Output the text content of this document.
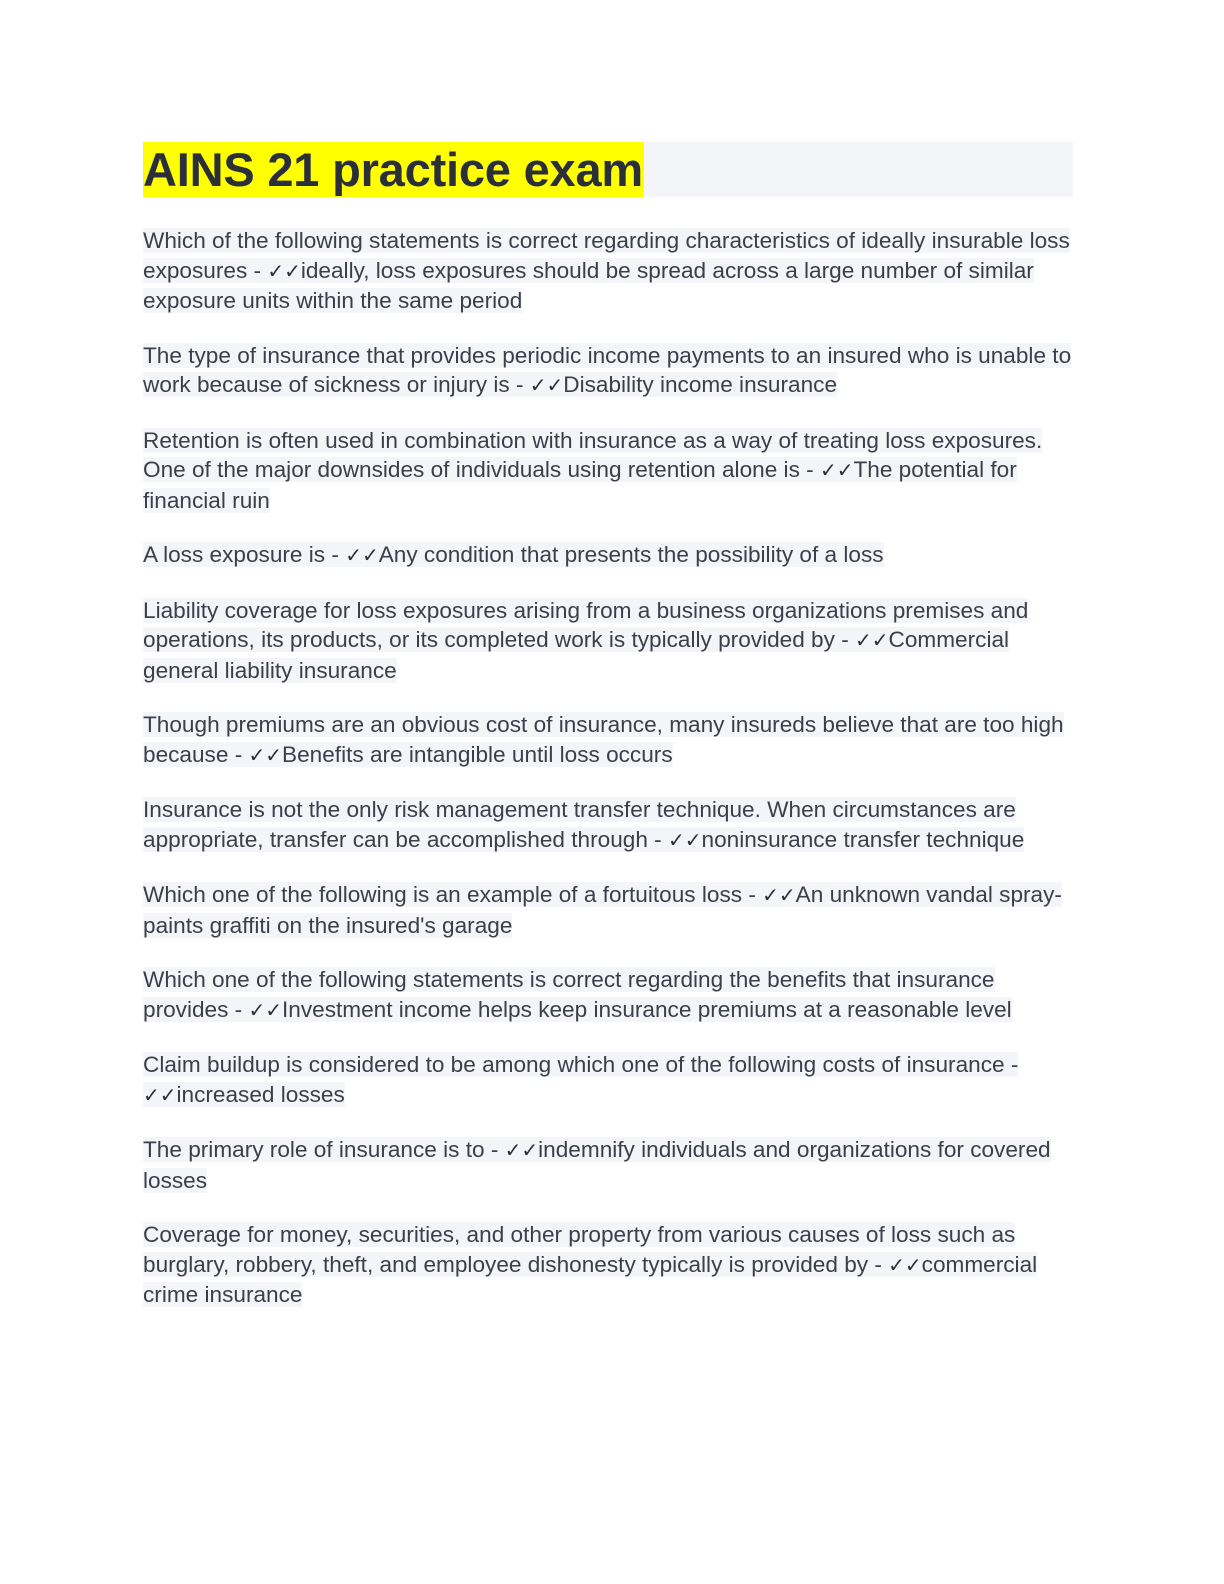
AINS 21 practice exam

Which of the following statements is correct regarding characteristics of ideally insurable loss exposures - ✓✓ideally, loss exposures should be spread across a large number of similar exposure units within the same period

The type of insurance that provides periodic income payments to an insured who is unable to work because of sickness or injury is - ✓✓Disability income insurance

Retention is often used in combination with insurance as a way of treating loss exposures. One of the major downsides of individuals using retention alone is - ✓✓The potential for financial ruin

A loss exposure is - ✓✓Any condition that presents the possibility of a loss

Liability coverage for loss exposures arising from a business organizations premises and operations, its products, or its completed work is typically provided by - ✓✓Commercial general liability insurance

Though premiums are an obvious cost of insurance, many insureds believe that are too high because - ✓✓Benefits are intangible until loss occurs

Insurance is not the only risk management transfer technique. When circumstances are appropriate, transfer can be accomplished through - ✓✓noninsurance transfer technique

Which one of the following is an example of a fortuitous loss - ✓✓An unknown vandal spray-paints graffiti on the insured's garage

Which one of the following statements is correct regarding the benefits that insurance provides - ✓✓Investment income helps keep insurance premiums at a reasonable level

Claim buildup is considered to be among which one of the following costs of insurance - ✓✓increased losses

The primary role of insurance is to - ✓✓indemnify individuals and organizations for covered losses

Coverage for money, securities, and other property from various causes of loss such as burglary, robbery, theft, and employee dishonesty typically is provided by - ✓✓commercial crime insurance
